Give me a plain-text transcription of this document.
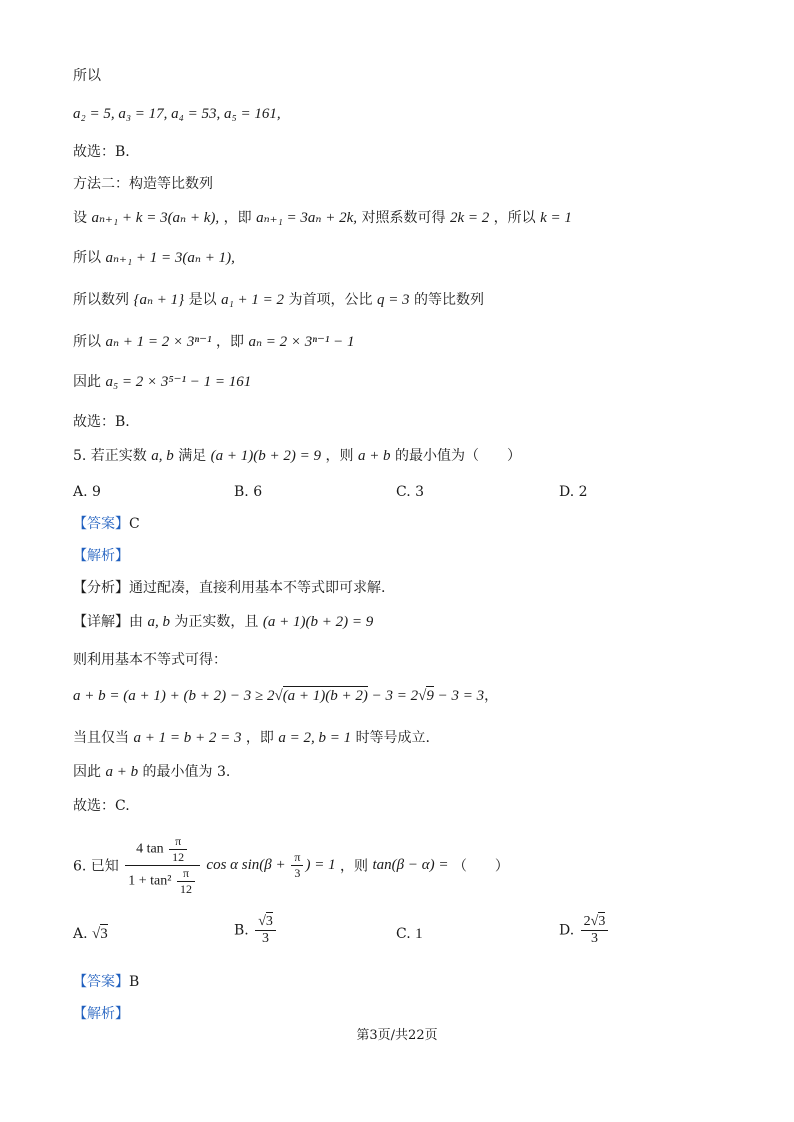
所以
a₂ = 5, a₃ = 17, a₄ = 53, a₅ = 161,
故选：B.
方法二：构造等比数列
设 aₙ₊₁ + k = 3(aₙ + k), ，即 aₙ₊₁ = 3aₙ + 2k, 对照系数可得 2k = 2 ，所以 k = 1
所以 aₙ₊₁ + 1 = 3(aₙ + 1),
所以数列 {aₙ + 1} 是以 a₁ + 1 = 2 为首项，公比 q = 3 的等比数列
所以 aₙ + 1 = 2 × 3ⁿ⁻¹ ，即 aₙ = 2 × 3ⁿ⁻¹ − 1
因此 a₅ = 2 × 3⁵⁻¹ − 1 = 161
故选：B.
5. 若正实数 a, b 满足 (a + 1)(b + 2) = 9 ，则 a + b 的最小值为（　　）
A. 9	B. 6	C. 3	D. 2
【答案】C
【解析】
【分析】通过配凑，直接利用基本不等式即可求解.
【详解】由 a, b 为正实数，且 (a + 1)(b + 2) = 9
则利用基本不等式可得：
a + b = (a + 1) + (b + 2) − 3 ≥ 2√(a + 1)(b + 2) − 3 = 2√9 − 3 = 3，
当且仅当 a + 1 = b + 2 = 3 ，即 a = 2, b = 1 时等号成立.
因此 a + b 的最小值为 3.
故选：C.
6. 已知 $\frac{4 \tan \frac{\pi}{12}}{1 + \tan^2 \frac{\pi}{12}}$ cos α $\sin(\beta + \frac{\pi}{3}$ ) = 1 ，则 tan(β − α) = （　　）
A. √3	B. $\frac{√3}{3}$	C. 1	D. $\frac{2√3}{3}$
【答案】B
【解析】
第3页/共22页
